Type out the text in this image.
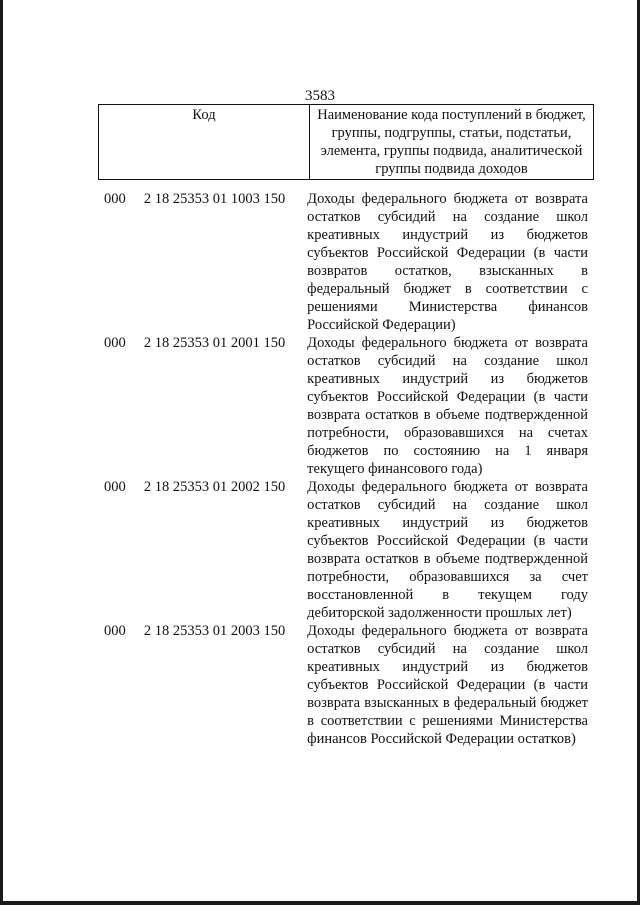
3583
Код	Наименование кода поступлений в бюджет, группы, подгруппы, статьи, подстатьи, элемента, группы подвида, аналитической группы подвида доходов
000	2 18 25353 01 1003 150	Доходы федерального бюджета от возврата остатков субсидий на создание школ креативных индустрий из бюджетов субъектов Российской Федерации (в части возвратов остатков, взысканных в федеральный бюджет в соответствии с решениями Министерства финансов Российской Федерации)
000	2 18 25353 01 2001 150	Доходы федерального бюджета от возврата остатков субсидий на создание школ креативных индустрий из бюджетов субъектов Российской Федерации (в части возврата остатков в объеме подтвержденной потребности, образовавшихся на счетах бюджетов по состоянию на 1 января текущего финансового года)
000	2 18 25353 01 2002 150	Доходы федерального бюджета от возврата остатков субсидий на создание школ креативных индустрий из бюджетов субъектов Российской Федерации (в части возврата остатков в объеме подтвержденной потребности, образовавшихся за счет восстановленной в текущем году дебиторской задолженности прошлых лет)
000	2 18 25353 01 2003 150	Доходы федерального бюджета от возврата остатков субсидий на создание школ креативных индустрий из бюджетов субъектов Российской Федерации (в части возврата взысканных в федеральный бюджет в соответствии с решениями Министерства финансов Российской Федерации остатков)
